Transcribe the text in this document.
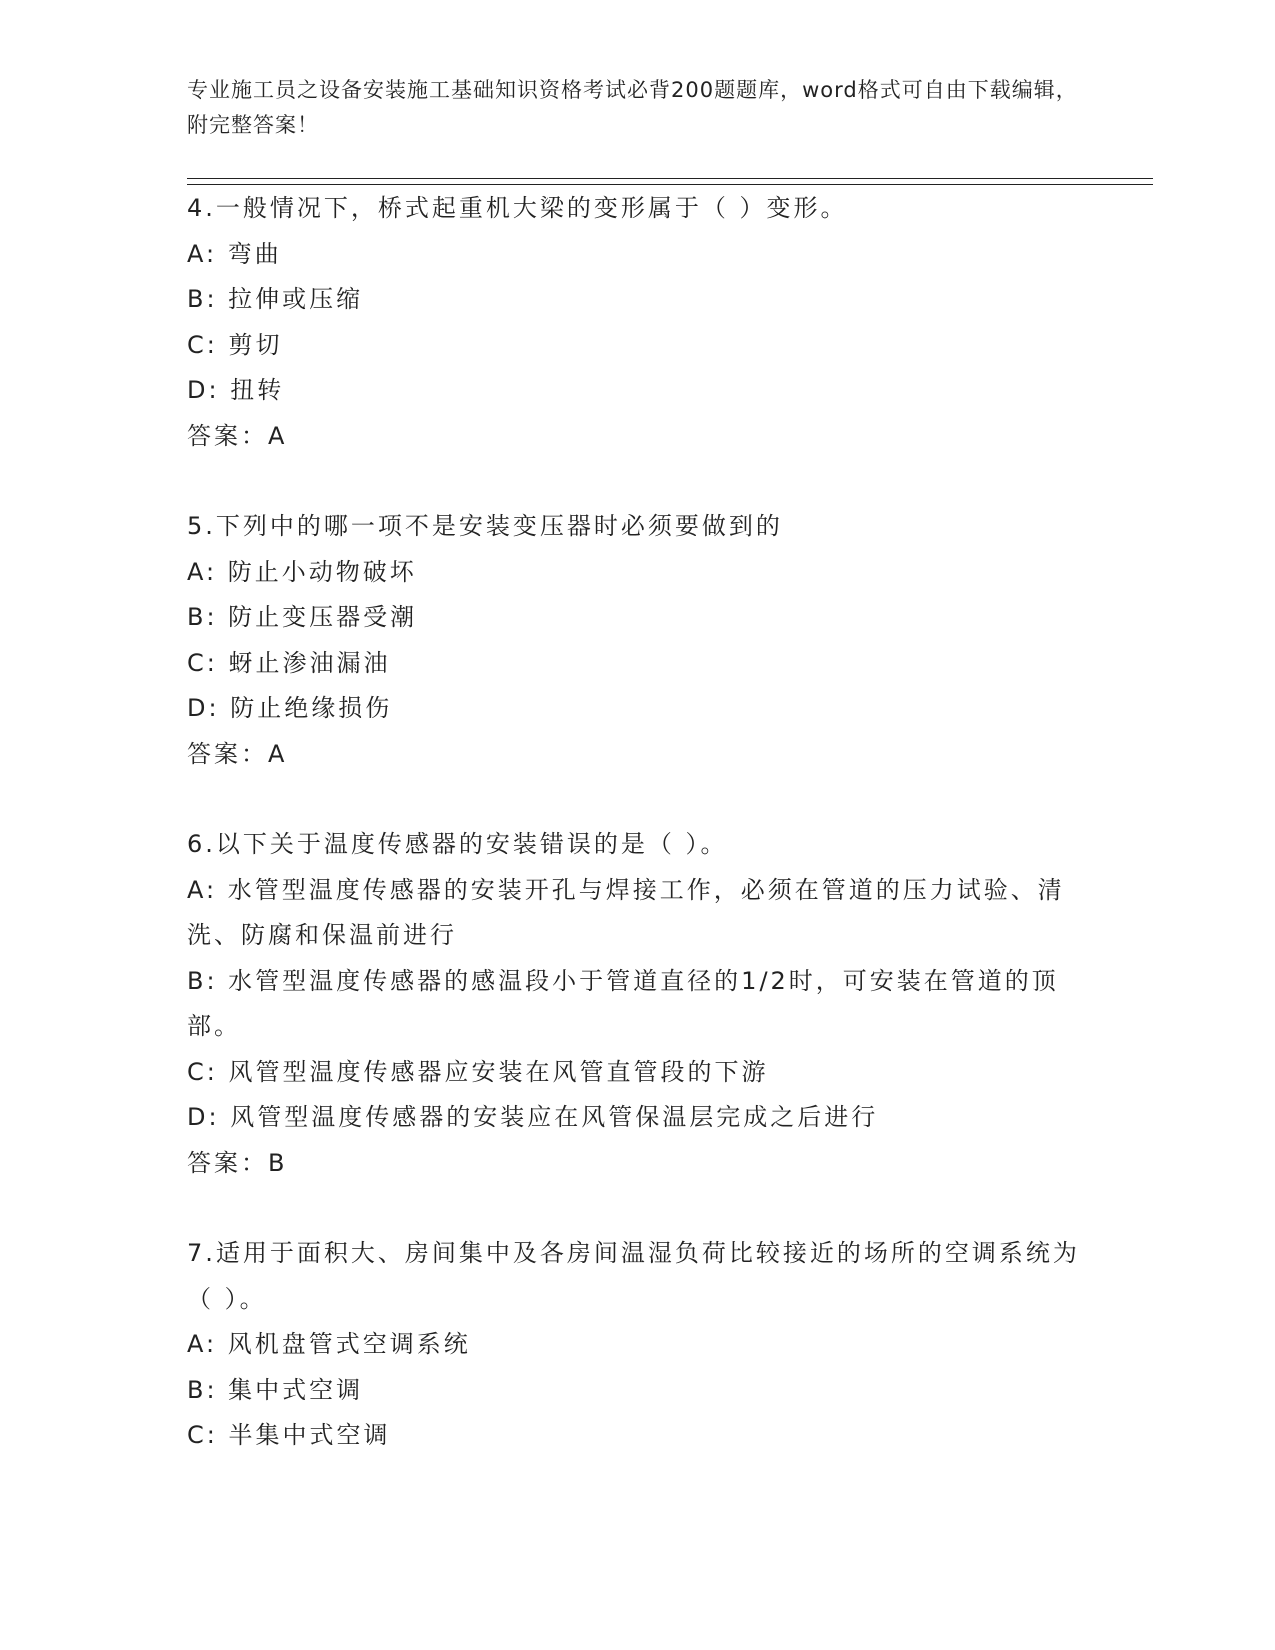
专业施工员之设备安装施工基础知识资格考试必背200题题库，word格式可自由下载编辑，附完整答案！
4.一般情况下，桥式起重机大梁的变形属于（ ）变形。
A: 弯曲
B: 拉伸或压缩
C: 剪切
D: 扭转
答案：A
5.下列中的哪一项不是安装变压器时必须要做到的
A: 防止小动物破坏
B: 防止变压器受潮
C: 蚜止渗油漏油
D: 防止绝缘损伤
答案：A
6.以下关于温度传感器的安装错误的是（ ）。
A: 水管型温度传感器的安装开孔与焊接工作，必须在管道的压力试验、清洗、防腐和保温前进行
B: 水管型温度传感器的感温段小于管道直径的1/2时，可安装在管道的顶部。
C: 风管型温度传感器应安装在风管直管段的下游
D: 风管型温度传感器的安装应在风管保温层完成之后进行
答案：B
7.适用于面积大、房间集中及各房间温湿负荷比较接近的场所的空调系统为（ ）。
A: 风机盘管式空调系统
B: 集中式空调
C: 半集中式空调
